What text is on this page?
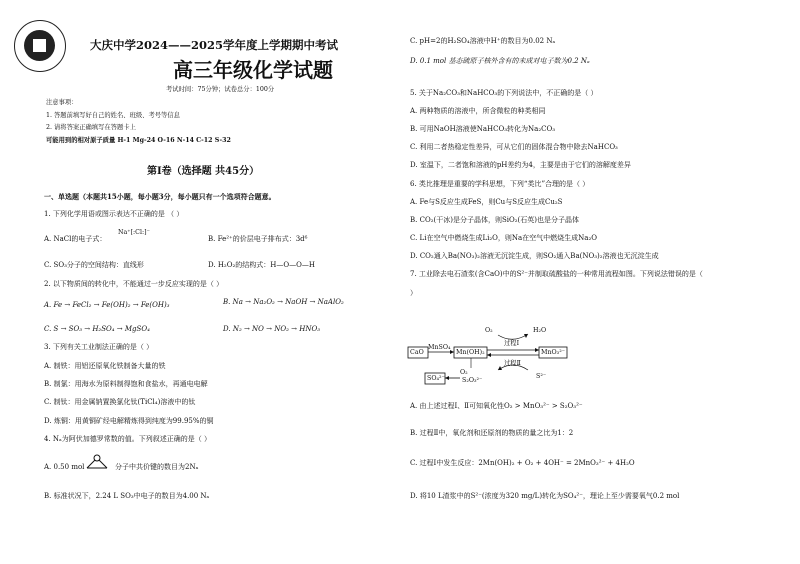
大庆中学2024——2025学年度上学期期中考试
高三年级化学试题
考试时间：75分钟；试卷总分：100分
注意事项：
1. 答题前填写好自己的姓名、班级、考号等信息
2. 请将答案正确填写在答题卡上
可能用到的相对原子质量 H-1 Mg-24 O-16 N-14 C-12 S-32
第Ⅰ卷（选择题 共45分）
一、单选题（本题共15小题，每小题3分，每小题只有一个选项符合题意。
1. 下列化学用语或图示表达不正确的是 （ ）
A. NaCl的电子式：
Na⁺[:Cl:]⁻
B. Fe²⁺的价层电子排布式：3d⁶
C. SO₃分子的空间结构：直线形	D. H₂O₂的结构式：H—O—O—H
2. 以下物质间的转化中，不能通过一步反应实现的是（ ）
A. Fe → FeCl₂ → Fe(OH)₂ → Fe(OH)₃	B. Na → Na₂O₂ → NaOH → NaAlO₂
C. S → SO₃ → H₂SO₄ → MgSO₄	D. N₂ → NO → NO₂ → HNO₃
3. 下列有关工业制法正确的是（ ）
A. 制铁：用铝还原氧化铁制备大量的铁
B. 制氯：用海水为原料制得饱和食盐水，再通电电解
C. 制钛：用金属钠置换氯化钛(TiCl₄)溶液中的钛
D. 炼铜：用黄铜矿经电解精炼得到纯度为99.95%的铜
4. Nₐ为阿伏加德罗常数的值。下列叙述正确的是（ ）
A. 0.50 mol	分子中共价键的数目为2Nₐ
B. 标准状况下，2.24 L SO₃中电子的数目为4.00 Nₐ
C. pH=2的H₂SO₄溶液中H⁺的数目为0.02 Nₐ
D. 0.1 mol 基态硫原子核外含有的未成对电子数为0.2 Nₐ
5. 关于Na₂CO₃和NaHCO₃的下列说法中，不正确的是（ ）
A. 两种物质的溶液中，所含微粒的种类相同
B. 可用NaOH溶液使NaHCO₃转化为Na₂CO₃
C. 利用二者热稳定性差异，可从它们的固体混合物中除去NaHCO₃
D. 室温下，二者饱和溶液的pH差约为4，主要是由于它们的溶解度差异
6. 类比推理是重要的学科思想，下列“类比”合理的是（ ）
A. Fe与S反应生成FeS，则Cu与S反应生成Cu₂S
B. CO₂(干冰)是分子晶体，则SiO₂(石英)也是分子晶体
C. Li在空气中燃烧生成Li₂O，则Na在空气中燃烧生成Na₂O
D. CO₂通入Ba(NO₃)₂溶液无沉淀生成，则SO₂通入Ba(NO₃)₂溶液也无沉淀生成
7. 工业除去电石渣浆(含CaO)中的S²⁻并制取硫酸盐的一种常用流程如图。下列说法错误的是（
）
MnSO₄
CaO	Mn(OH)₂	MnO₃²⁻
O₂	H₂O
过程Ⅰ
过程Ⅱ
SO₄²⁻
O₂
S₂O₃²⁻
S²⁻
A. 由上述过程Ⅰ、Ⅱ可知氧化性O₂ > MnO₃²⁻ > S₂O₃²⁻
B. 过程Ⅱ中，氧化剂和还原剂的物质的量之比为1：2
C. 过程Ⅰ中发生反应：2Mn(OH)₂ + O₂ + 4OH⁻ = 2MnO₃²⁻ + 4H₂O
D. 将10 L渣浆中的S²⁻(浓度为320 mg/L)转化为SO₄²⁻，理论上至少需要氧气0.2 mol
